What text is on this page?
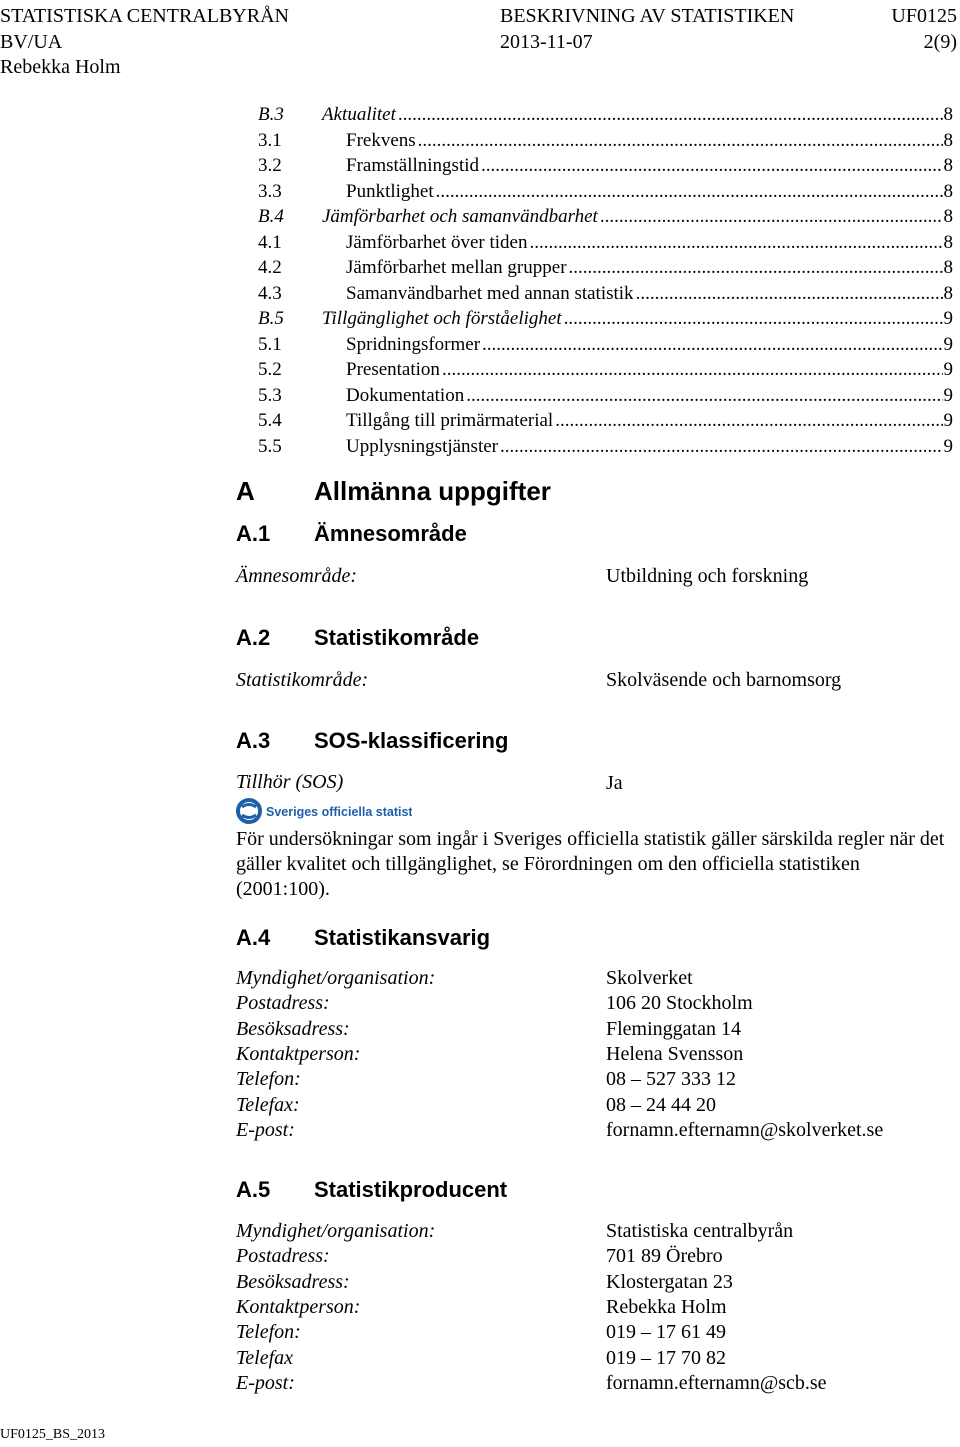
STATISTISKA CENTRALBYRÅN	BESKRIVNING AV STATISTIKEN	UF0125
BV/UA	2013-11-07	2(9)
Rebekka Holm
B.3 Aktualitet .....	8
3.1	Frekvens .....	8
3.2	Framställningstid .....	8
3.3	Punktlighet .....	8
B.4 Jämförbarhet och samanvändbarhet .....	8
4.1	Jämförbarhet över tiden .....	8
4.2	Jämförbarhet mellan grupper .....	8
4.3	Samanvändbarhet med annan statistik .....	8
B.5 Tillgänglighet och förståelighet .....	9
5.1	Spridningsformer .....	9
5.2	Presentation .....	9
5.3	Dokumentation .....	9
5.4	Tillgång till primärmaterial .....	9
5.5	Upplysningstjänster .....	9
A Allmänna uppgifter
A.1 Ämnesområde
Ämnesområde:	Utbildning och forskning
A.2 Statistikområde
Statistikområde:	Skolväsende och barnomsorg
A.3 SOS-klassificering
Tillhör (SOS)	Ja
Sveriges officiella statistik
För undersökningar som ingår i Sveriges officiella statistik gäller särskilda regler när det gäller kvalitet och tillgänglighet, se Förordningen om den officiella statistiken (2001:100).
A.4 Statistikansvarig
Myndighet/organisation:	Skolverket
Postadress:	106 20 Stockholm
Besöksadress:	Fleminggatan 14
Kontaktperson:	Helena Svensson
Telefon:	08 – 527 333 12
Telefax:	08 – 24 44 20
E-post:	fornamn.efternamn@skolverket.se
A.5 Statistikproducent
Myndighet/organisation:	Statistiska centralbyrån
Postadress:	701 89 Örebro
Besöksadress:	Klostergatan 23
Kontaktperson:	Rebekka Holm
Telefon:	019 – 17 61 49
Telefax	019 – 17 70 82
E-post:	fornamn.efternamn@scb.se
UF0125_BS_2013
